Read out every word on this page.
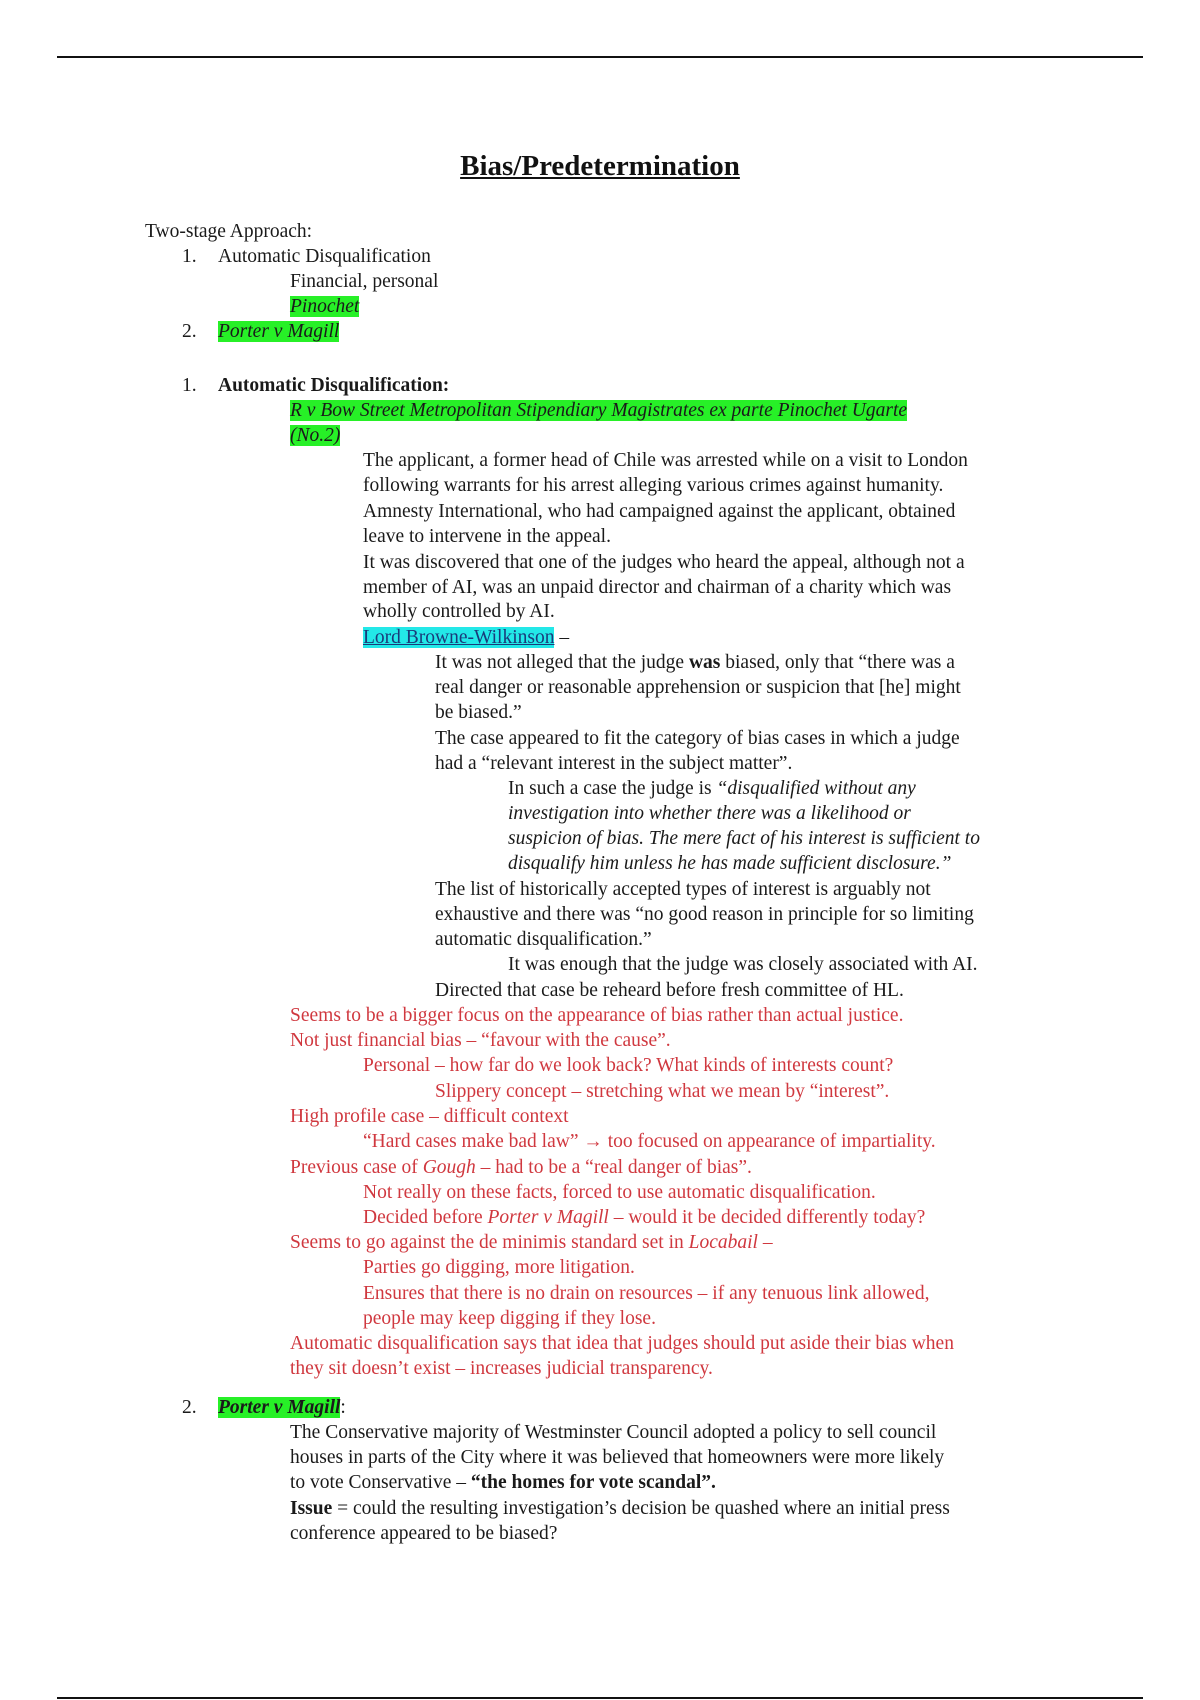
Bias/Predetermination
Two-stage Approach:
1. Automatic Disqualification
Financial, personal
Pinochet
2. Porter v Magill
1. Automatic Disqualification:
R v Bow Street Metropolitan Stipendiary Magistrates ex parte Pinochet Ugarte
(No.2)
The applicant, a former head of Chile was arrested while on a visit to London
following warrants for his arrest alleging various crimes against humanity.
Amnesty International, who had campaigned against the applicant, obtained
leave to intervene in the appeal.
It was discovered that one of the judges who heard the appeal, although not a
member of AI, was an unpaid director and chairman of a charity which was
wholly controlled by AI.
Lord Browne-Wilkinson –
It was not alleged that the judge was biased, only that “there was a
real danger or reasonable apprehension or suspicion that [he] might
be biased.”
The case appeared to fit the category of bias cases in which a judge
had a “relevant interest in the subject matter”.
In such a case the judge is “disqualified without any
investigation into whether there was a likelihood or
suspicion of bias. The mere fact of his interest is sufficient to
disqualify him unless he has made sufficient disclosure.”
The list of historically accepted types of interest is arguably not
exhaustive and there was “no good reason in principle for so limiting
automatic disqualification.”
It was enough that the judge was closely associated with AI.
Directed that case be reheard before fresh committee of HL.
Seems to be a bigger focus on the appearance of bias rather than actual justice.
Not just financial bias – “favour with the cause”.
Personal – how far do we look back? What kinds of interests count?
Slippery concept – stretching what we mean by “interest”.
High profile case – difficult context
“Hard cases make bad law” → too focused on appearance of impartiality.
Previous case of Gough – had to be a “real danger of bias”.
Not really on these facts, forced to use automatic disqualification.
Decided before Porter v Magill – would it be decided differently today?
Seems to go against the de minimis standard set in Locabail –
Parties go digging, more litigation.
Ensures that there is no drain on resources – if any tenuous link allowed,
people may keep digging if they lose.
Automatic disqualification says that idea that judges should put aside their bias when
they sit doesn’t exist – increases judicial transparency.
2. Porter v Magill:
The Conservative majority of Westminster Council adopted a policy to sell council
houses in parts of the City where it was believed that homeowners were more likely
to vote Conservative – “the homes for vote scandal”.
Issue = could the resulting investigation’s decision be quashed where an initial press
conference appeared to be biased?
